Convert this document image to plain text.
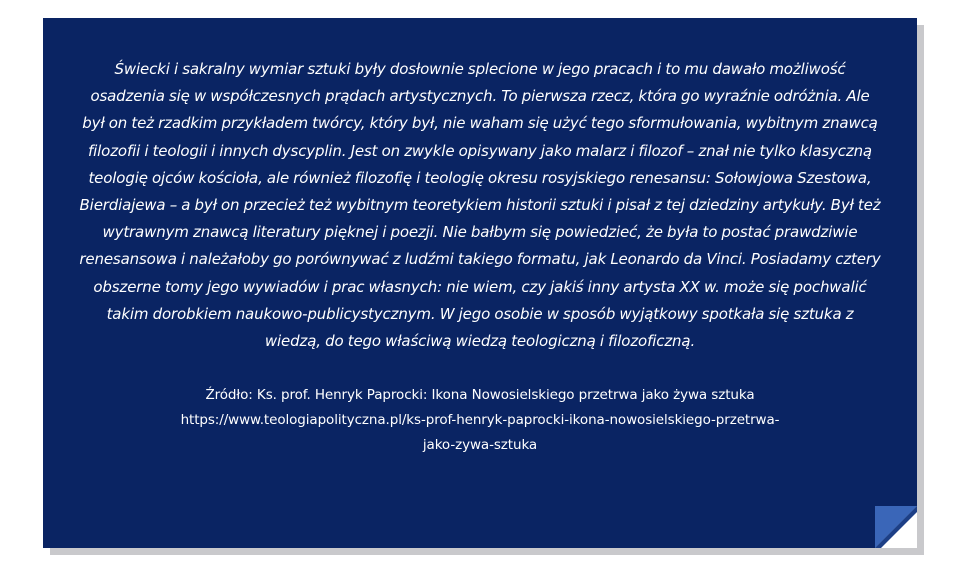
Świecki i sakralny wymiar sztuki były dosłownie splecione w jego pracach i to mu dawało możliwość osadzenia się w współczesnych prądach artystycznych. To pierwsza rzecz, która go wyraźnie odróżnia. Ale był on też rzadkim przykładem twórcy, który był, nie waham się użyć tego sformułowania, wybitnym znawcą filozofii i teologii i innych dyscyplin. Jest on zwykle opisywany jako malarz i filozof – znał nie tylko klasyczną teologię ojców kościoła, ale również filozofię i teologię okresu rosyjskiego renesansu: Sołowjowa Szestowa, Bierdiajewa – a był on przecież też wybitnym teoretykiem historii sztuki i pisał z tej dziedziny artykuły. Był też wytrawnym znawcą literatury pięknej i poezji. Nie bałbym się powiedzieć, że była to postać prawdziwie renesansowa i należałoby go porównywać z ludźmi takiego formatu, jak Leonardo da Vinci. Posiadamy cztery obszerne tomy jego wywiadów i prac własnych: nie wiem, czy jakiś inny artysta XX w. może się pochwalić takim dorobkiem naukowo-publicystycznym. W jego osobie w sposób wyjątkowy spotkała się sztuka z wiedzą, do tego właściwą wiedzą teologiczną i filozoficzną.

Źródło: Ks. prof. Henryk Paprocki: Ikona Nowosielskiego przetrwa jako żywa sztuka
https://www.teologiapolityczna.pl/ks-prof-henryk-paprocki-ikona-nowosielskiego-przetrwa-
jako-zywa-sztuka
